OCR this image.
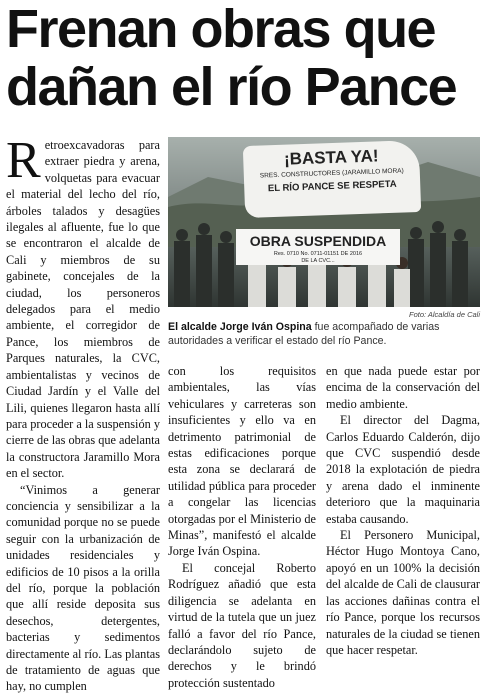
Frenan obras que dañan el río Pance

Retroexcavadoras para extraer piedra y arena, volquetas para evacuar el material del lecho del río, árboles talados y desagües ilegales al afluente, fue lo que se encontraron el alcalde de Cali y miembros de su gabinete, concejales de la ciudad, los personeros delegados para el medio ambiente, el corregidor de Pance, los miembros de Parques naturales, la CVC, ambientalistas y vecinos de Ciudad Jardín y el Valle del Lili, quienes llegaron hasta allí para proceder a la suspensión y cierre de las obras que adelanta la constructora Jaramillo Mora en el sector.

“Vinimos a generar conciencia y sensibilizar a la comunidad porque no se puede seguir con la urbanización de unidades residenciales y edificios de 10 pisos a la orilla del río, porque la población que allí reside deposita sus desechos, detergentes, bacterias y sedimentos directamente al río. Las plantas de tratamiento de aguas que hay, no cumplen

¡BASTA YA!
SRES. CONSTRUCTORES (JARAMILLO MORA)
EL RÍO PANCE SE RESPETA
OBRA SUSPENDIDA
Res. 0710 No. 0711-01151 DE 2016
DE LA CVC...
Foto: Alcaldía de Cali
El alcalde Jorge Iván Ospina fue acompañado de varias autoridades a verificar el estado del río Pance.

con los requisitos ambientales, las vías vehiculares y carreteras son insuficientes y ello va en detrimento patrimonial de estas edificaciones porque esta zona se declarará de utilidad pública para proceder a congelar las licencias otorgadas por el Ministerio de Minas”, manifestó el alcalde Jorge Iván Ospina.

El concejal Roberto Rodríguez añadió que esta diligencia se adelanta en virtud de la tutela que un juez falló a favor del río Pance, declarándolo sujeto de derechos y le brindó protección sustentado

en que nada puede estar por encima de la conservación del medio ambiente.

El director del Dagma, Carlos Eduardo Calderón, dijo que CVC suspendió desde 2018 la explotación de piedra y arena dado el inminente deterioro que la maquinaria estaba causando.

El Personero Municipal, Héctor Hugo Montoya Cano, apoyó en un 100% la decisión del alcalde de Cali de clausurar las acciones dañinas contra el río Pance, porque los recursos naturales de la ciudad se tienen que hacer respetar.
